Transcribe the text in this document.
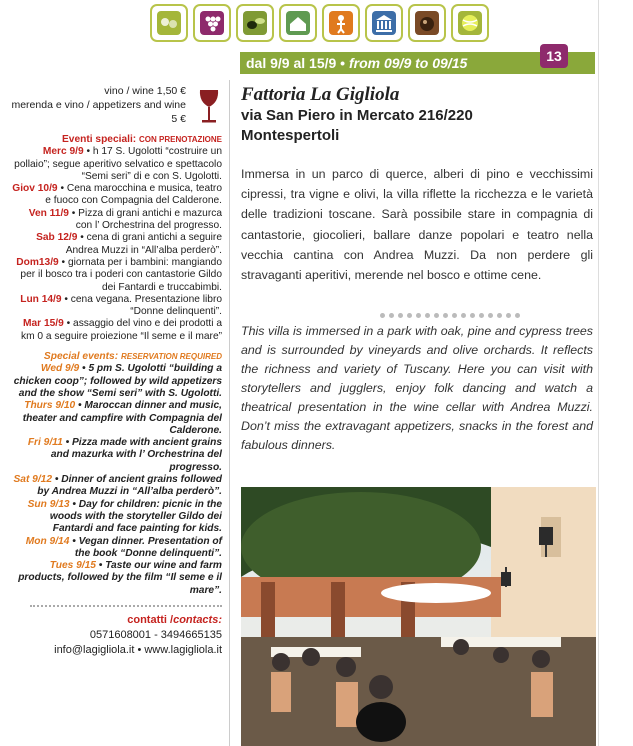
dal 9/9 al 15/9 • from 09/9 to 09/15	13
vino / wine 1,50 €
merenda e vino / appetizers and wine 5 €
Eventi speciali: CON PRENOTAZIONE

Merc 9/9 • h 17 S. Ugolotti “costruire un pollaio”; segue aperitivo selvatico e spettacolo “Semi seri” di e con S. Ugolotti.

Giov 10/9 • Cena marocchina e musica, teatro e fuoco con Compagnia del Calderone.

Ven 11/9 • Pizza di grani antichi e mazurca con l’ Orchestrina del progresso.

Sab 12/9 • cena di grani antichi a seguire Andrea Muzzi in “All’alba perderò”.

Dom13/9 • giornata per i bambini: mangiando per il bosco tra i poderi con cantastorie Gildo dei Fantardi e truccabimbi.

Lun 14/9 • cena vegana. Presentazione libro “Donne delinquenti”.

Mar 15/9 • assaggio del vino e dei prodotti a km 0 a seguire proiezione “Il seme e il mare”

Special events: RESERVATION REQUIRED

Wed 9/9 • 5 pm S. Ugolotti “building a chicken coop”; followed by wild appetizers and the show “Semi seri” with S. Ugolotti.

Thurs 9/10 • Maroccan dinner and music, theater and campfire with Compagnia del Calderone.

Fri 9/11 • Pizza made with ancient grains and mazurka with l’ Orchestrina del progresso.

Sat 9/12 • Dinner of ancient grains followed by Andrea Muzzi in “All’alba perderò”.

Sun 9/13 • Day for children: picnic in the woods with the storyteller Gildo dei Fantardi and face painting for kids.

Mon 9/14 • Vegan dinner. Presentation of the book “Donne delinquenti”.

Tues 9/15 • Taste our wine and farm products, followed by the film “Il seme e il mare”.

contatti /contacts:
0571608001 - 3494665135
info@lagigliola.it • www.lagigliola.it
Fattoria La Gigliola
via San Piero in Mercato 216/220
Montespertoli
Immersa in un parco di querce, alberi di pino e vecchissimi cipressi, tra vigne e olivi, la villa riflette la ricchezza e le varietà delle tradizioni toscane. Sarà possibile stare in compagnia di cantastorie, giocolieri, ballare danze popolari e teatro nella vecchia cantina con Andrea Muzzi. Da non perdere gli stravaganti aperitivi, merende nel bosco e ottime cene.
This villa is immersed in a park with oak, pine and cypress trees and is surrounded by vineyards and olive orchards. It reflects the richness and variety of Tuscany. Here you can visit with storytellers and jugglers, enjoy folk dancing and watch a theatrical presentation in the wine cellar with Andrea Muzzi. Don’t miss the extravagant appetizers, snacks in the forest and fabulous dinners.
